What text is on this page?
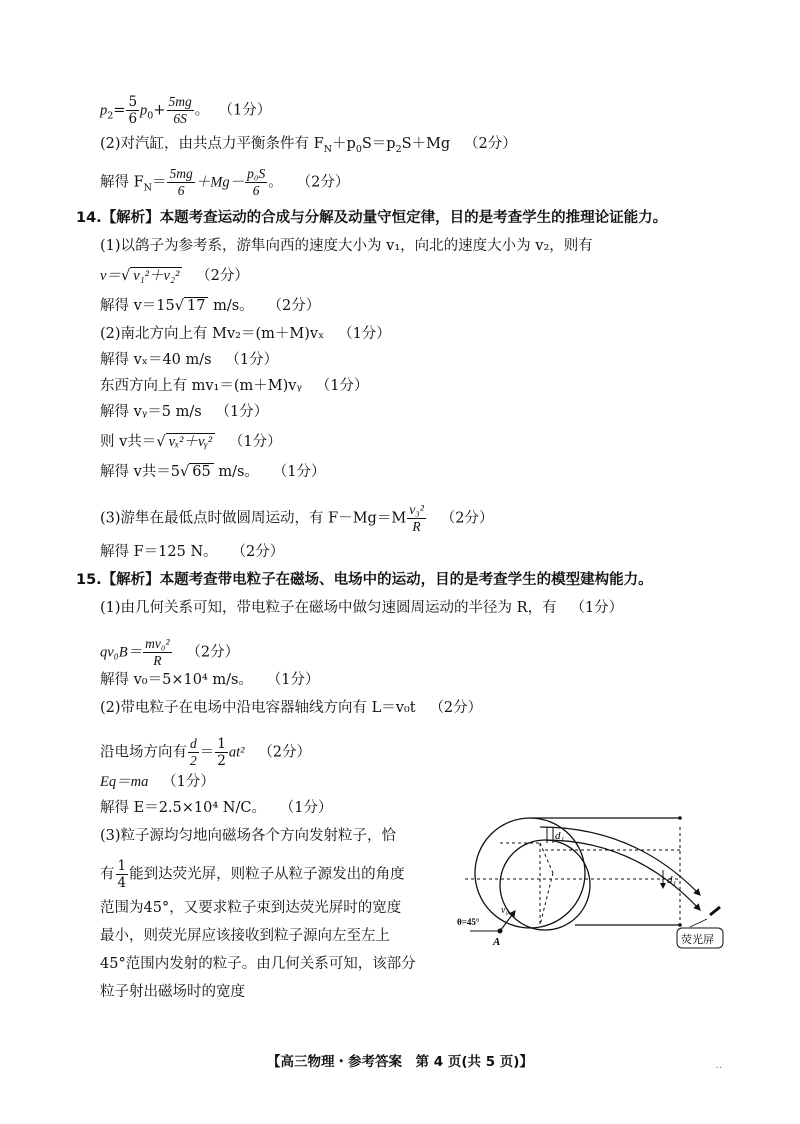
$p_2= \frac{5}{6} p_0+ \frac{5mg}{6S}$ 。 （1分）
(2)对汽缸，由共点力平衡条件有 $F_N+p_0S=p_2S+Mg$ （2分）
解得 $F_N= \frac{5mg}{6} +Mg- \frac{\text{p₀S}}{6}$ 。 （2分）
14.【解析】本题考查运动的合成与分解及动量守恒定律，目的是考查学生的推理论证能力。
(1)以鸽子为参考系，游隼向西的速度大小为 v₁，向北的速度大小为 v₂，则有
v＝√ v₁²＋v₂² （2分）
解得 v＝15√ 17 m/s。 （2分）
(2)南北方向上有 Mv₂＝(m＋M)vₓ （1分）
解得 vₓ＝40 m/s （1分）
东西方向上有 mv₁＝(m＋M)vᵧ （1分）
解得 vᵧ＝5 m/s （1分）
则 v共＝√ vₓ²＋vᵧ² （1分）
解得 v共＝5√ 65 m/s。 （1分）
(3)游隼在最低点时做圆周运动，有 $F-Mg=M \frac{\text{v₃²}}{R} (2$分）
解得 F＝125 N。 （2分）
15.【解析】本题考查带电粒子在磁场、电场中的运动，目的是考查学生的模型建构能力。
(1)由几何关系可知，带电粒子在磁场中做匀速圆周运动的半径为 R，有 （1分）
$qv_0B= \frac{\text{mv₀²}}{R} (2$分）
解得 v₀＝5×10⁴ m/s。 （1分）
(2)带电粒子在电场中沿电容器轴线方向有 L＝v₀t （2分）
沿电场方向有 $\frac{d}{2} = \frac{1}{2} at^2$ （2分）
Eq＝ma （1分）
解得 E＝2.5×10⁴ N/C。 （1分）
(3)粒子源均匀地向磁场各个方向发射粒子，恰
有 $\frac{1}{4}$ 能到达荧光屏，则粒子从粒子源发出的角度
范围为45°，又要求粒子束到达荧光屏时的宽度
最小，则荧光屏应该接收到粒子源向左至左上
45°范围内发射的粒子。由几何关系可知，该部分
粒子射出磁场时的宽度
d₁
d₁
v₀
θ=45°
A	荧光屏
【高三物理・参考答案　第 4 页(共 5 页)】	..
